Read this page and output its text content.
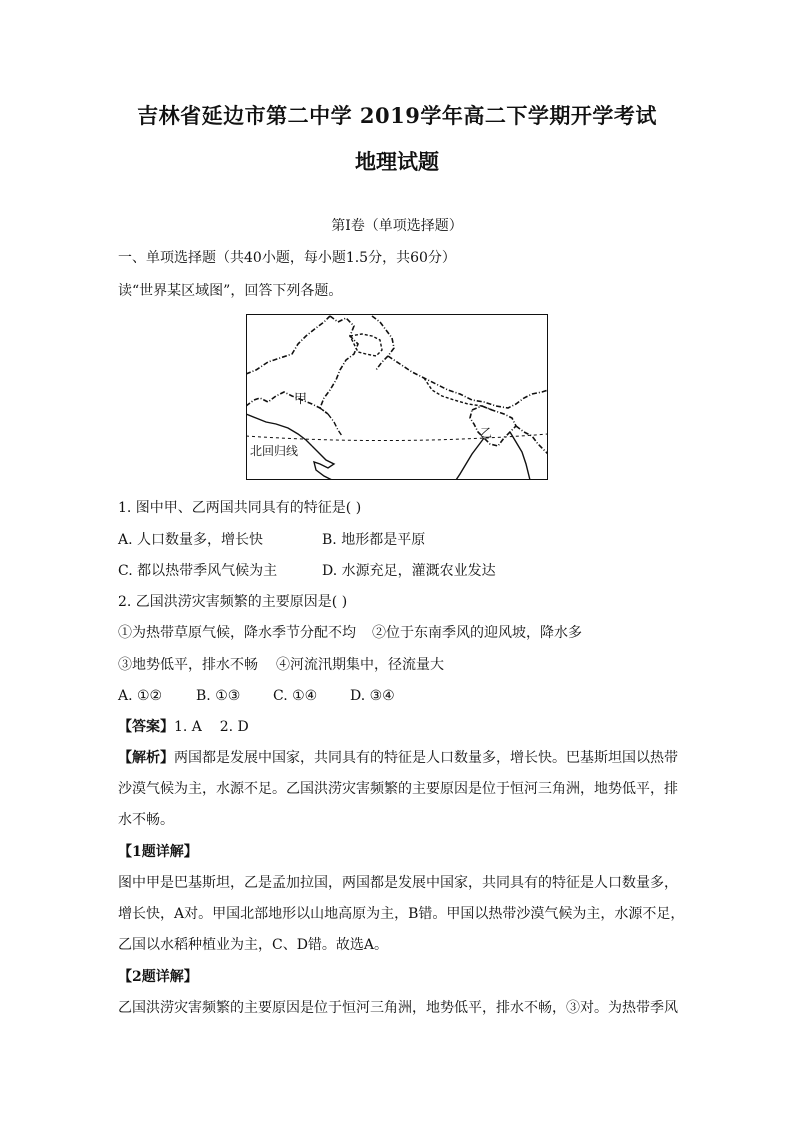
吉林省延边市第二中学 2019学年高二下学期开学考试
地理试题
第Ⅰ卷（单项选择题）
一、单项选择题（共40小题，每小题1.5分，共60分）
读“世界某区域图”，回答下列各题。
甲
乙
北回归线
1. 图中甲、乙两国共同具有的特征是( )
A. 人口数量多，增长快	B. 地形都是平原
C. 都以热带季风气候为主	D. 水源充足，灌溉农业发达
2. 乙国洪涝灾害频繁的主要原因是( )
①为热带草原气候，降水季节分配不均 ②位于东南季风的迎风坡，降水多
③地势低平，排水不畅 ④河流汛期集中，径流量大
A. ①② B. ①③ C. ①④ D. ③④
【答案】1. A    2. D
【解析】两国都是发展中国家，共同具有的特征是人口数量多，增长快。巴基斯坦国以热带
沙漠气候为主，水源不足。乙国洪涝灾害频繁的主要原因是位于恒河三角洲，地势低平，排
水不畅。
【1题详解】
图中甲是巴基斯坦，乙是孟加拉国，两国都是发展中国家，共同具有的特征是人口数量多，
增长快，A对。甲国北部地形以山地高原为主，B错。甲国以热带沙漠气候为主，水源不足，
乙国以水稻种植业为主，C、D错。故选A。
【2题详解】
乙国洪涝灾害频繁的主要原因是位于恒河三角洲，地势低平，排水不畅，③对。为热带季风
